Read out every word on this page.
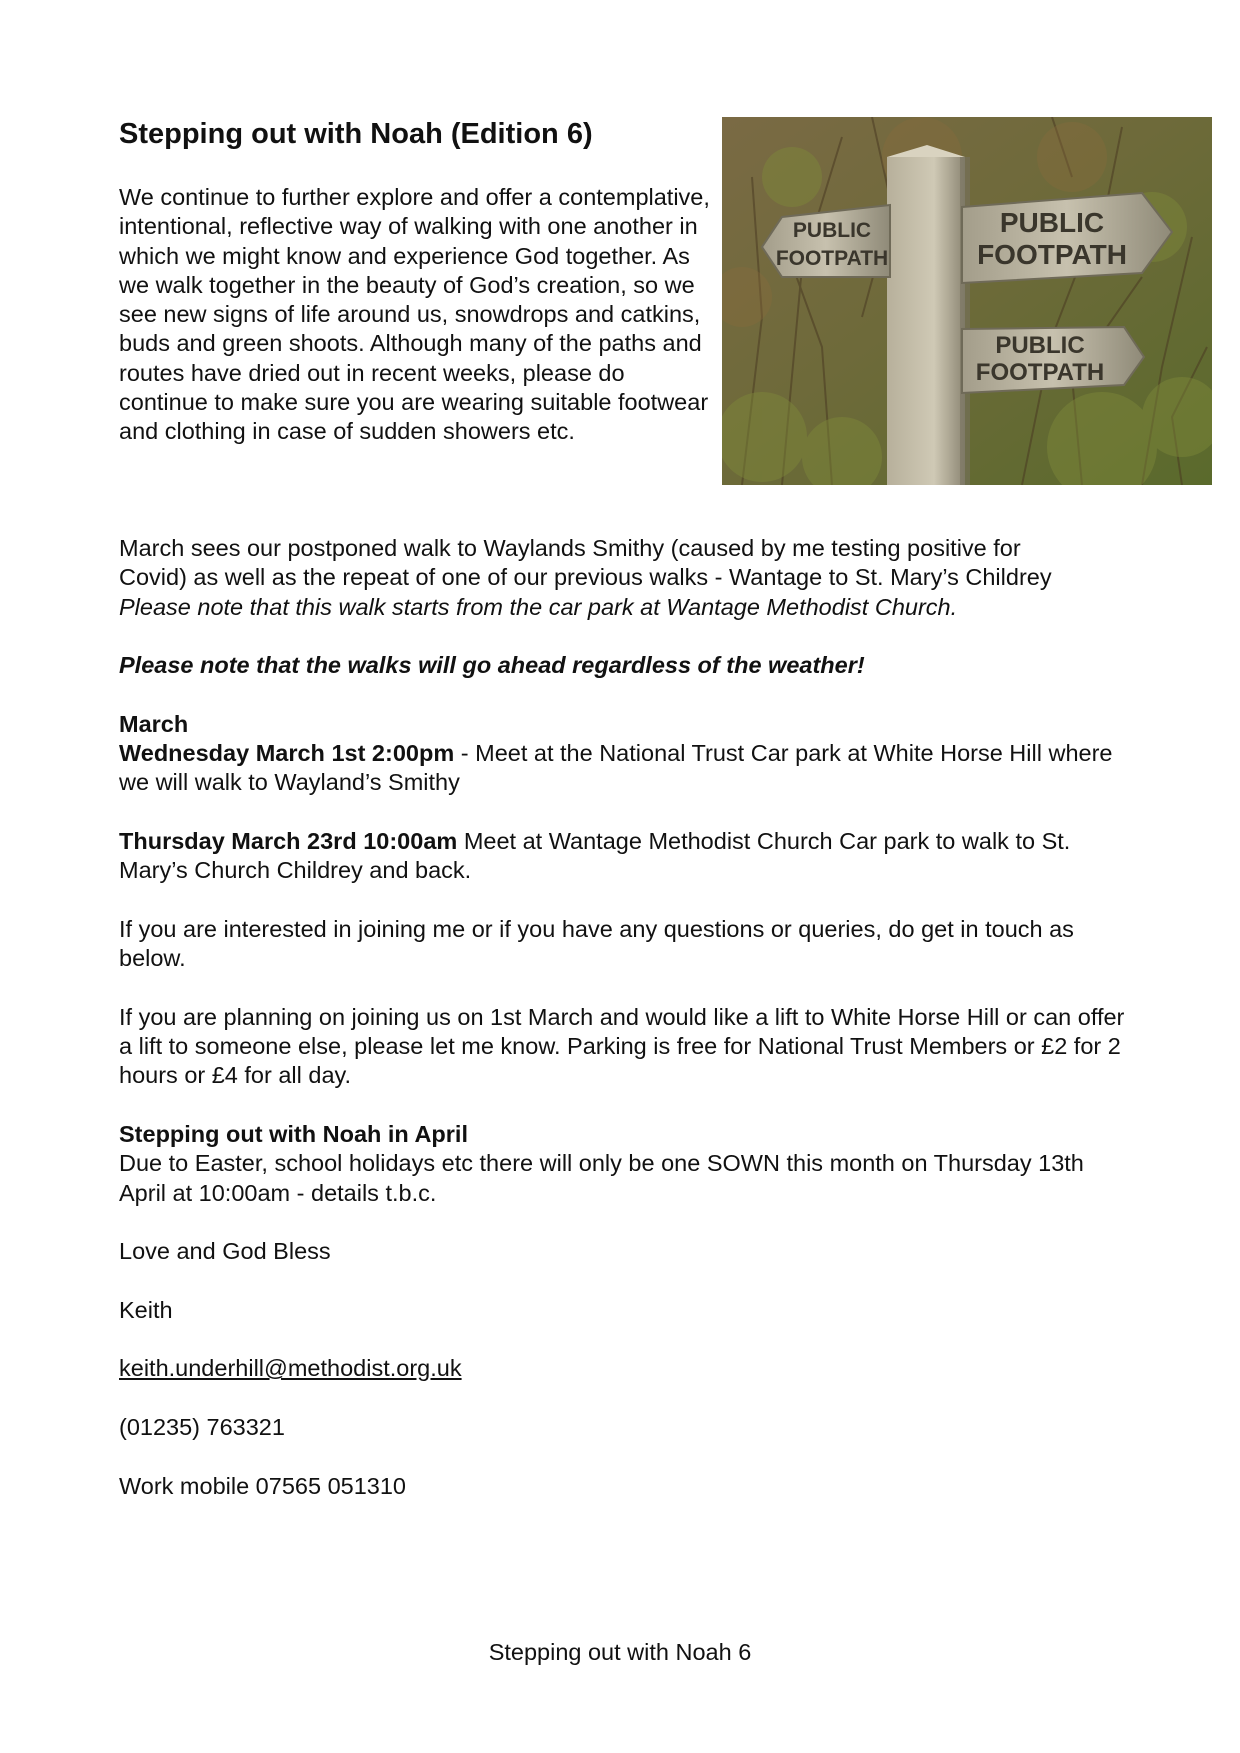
Stepping out with Noah (Edition 6)

We continue to further explore and offer a contemplative, intentional, reflective way of walking with one another in which we might know and experience God together. As we walk together in the beauty of God’s creation, so we see new signs of life around us, snowdrops and catkins, buds and green shoots. Although many of the paths and routes have dried out in recent weeks, please do continue to make sure you are wearing suitable footwear and clothing in case of sudden showers etc.

PUBLIC
FOOTPATH
PUBLIC
FOOTPATH
PUBLIC
FOOTPATH

March sees our postponed walk to Waylands Smithy (caused by me testing positive for

Covid) as well as the repeat of one of our previous walks - Wantage to St. Mary’s Childrey

Please note that this walk starts from the car park at Wantage Methodist Church.

Please note that the walks will go ahead regardless of the weather!

March

Wednesday March 1st 2:00pm - Meet at the National Trust Car park at White Horse Hill where we will walk to Wayland’s Smithy

Thursday March 23rd 10:00am Meet at Wantage Methodist Church Car park to walk to St. Mary’s Church Childrey and back.

If you are interested in joining me or if you have any questions or queries, do get in touch as below.

If you are planning on joining us on 1st March and would like a lift to White Horse Hill or can offer a lift to someone else, please let me know. Parking is free for National Trust Members or £2 for 2 hours or £4 for all day.

Stepping out with Noah in April

Due to Easter, school holidays etc there will only be one SOWN this month on Thursday 13th April at 10:00am - details t.b.c.

Love and God Bless

Keith

keith.underhill@methodist.org.uk

(01235) 763321

Work mobile 07565 051310

Stepping out with Noah 6
